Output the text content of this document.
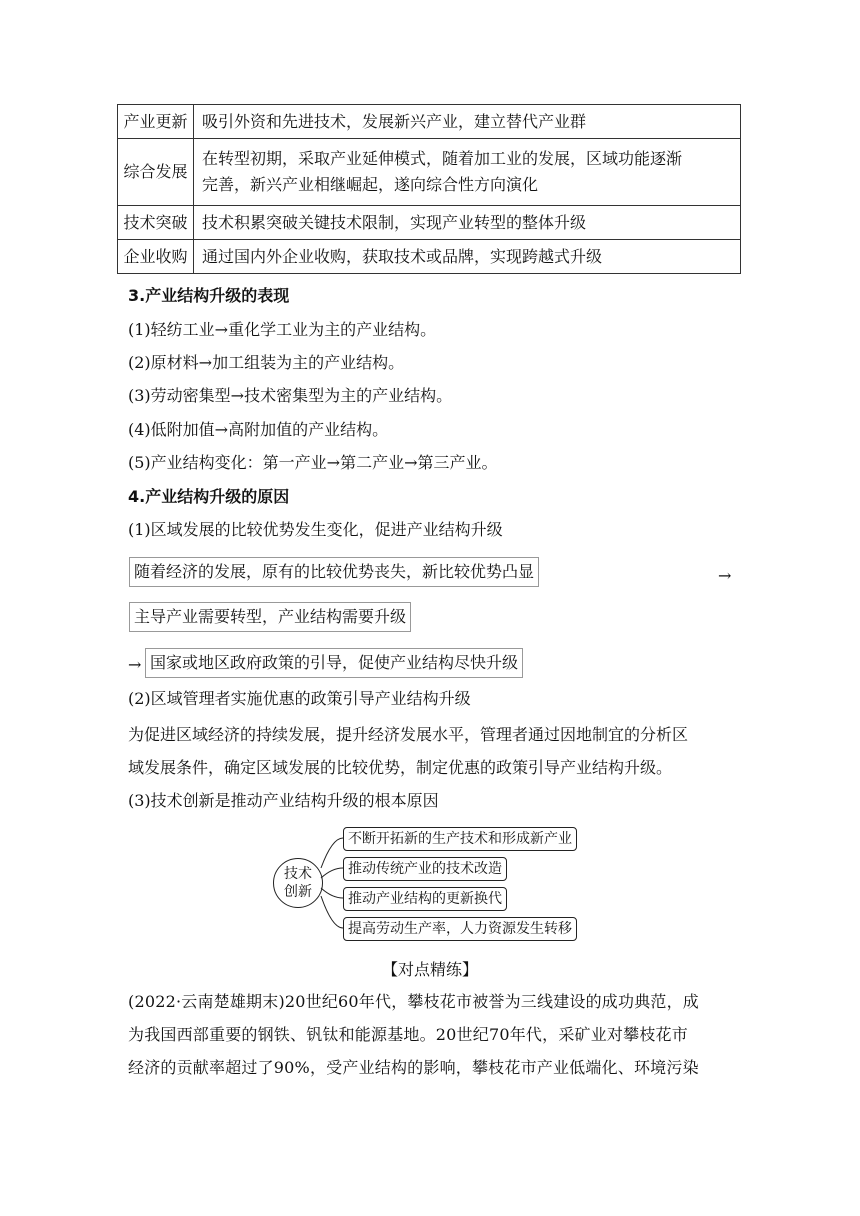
产业更新	吸引外资和先进技术，发展新兴产业，建立替代产业群
综合发展	在转型初期，采取产业延伸模式，随着加工业的发展，区域功能逐渐
完善，新兴产业相继崛起，遂向综合性方向演化

技术突破	技术积累突破关键技术限制，实现产业转型的整体升级
企业收购	通过国内外企业收购，获取技术或品牌，实现跨越式升级
3.产业结构升级的表现
(1)轻纺工业→重化学工业为主的产业结构。
(2)原材料→加工组装为主的产业结构。
(3)劳动密集型→技术密集型为主的产业结构。
(4)低附加值→高附加值的产业结构。
(5)产业结构变化：第一产业→第二产业→第三产业。
4.产业结构升级的原因
(1)区域发展的比较优势发生变化，促进产业结构升级
随着经济的发展，原有的比较优势丧失，新比较优势凸显	→
主导产业需要转型，产业结构需要升级
→ 国家或地区政府政策的引导，促使产业结构尽快升级
(2)区域管理者实施优惠的政策引导产业结构升级
为促进区域经济的持续发展，提升经济发展水平，管理者通过因地制宜的分析区
域发展条件，确定区域发展的比较优势，制定优惠的政策引导产业结构升级。
(3)技术创新是推动产业结构升级的根本原因
技术
创新
不断开拓新的生产技术和形成新产业
推动传统产业的技术改造
推动产业结构的更新换代
提高劳动生产率，人力资源发生转移
【对点精练】
(2022·云南楚雄期末)20世纪60年代，攀枝花市被誉为三线建设的成功典范，成
为我国西部重要的钢铁、钒钛和能源基地。20世纪70年代，采矿业对攀枝花市
经济的贡献率超过了90%，受产业结构的影响，攀枝花市产业低端化、环境污染
